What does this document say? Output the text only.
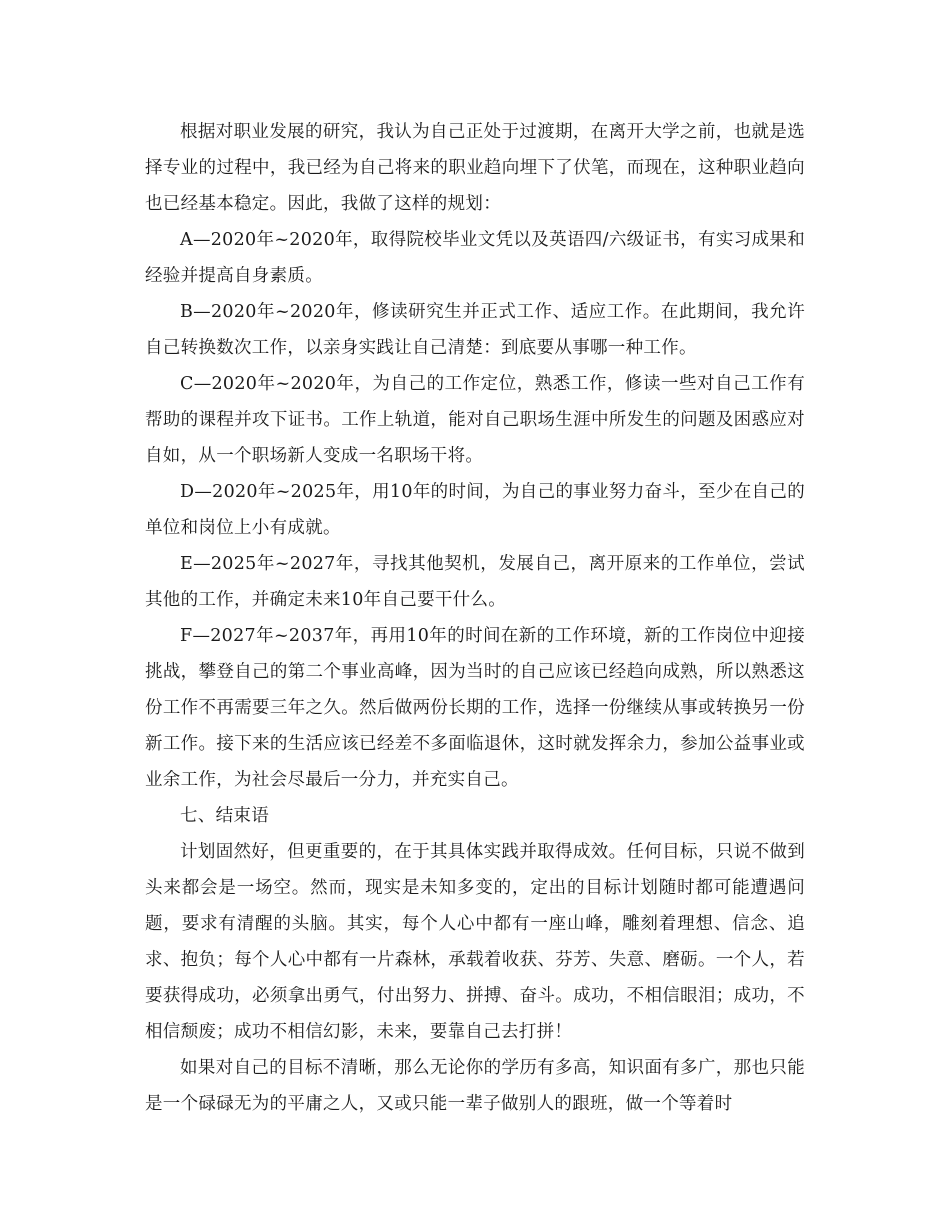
根据对职业发展的研究，我认为自己正处于过渡期，在离开大学之前，也就是选择专业的过程中，我已经为自己将来的职业趋向埋下了伏笔，而现在，这种职业趋向也已经基本稳定。因此，我做了这样的规划：

A—2020年~2020年，取得院校毕业文凭以及英语四/六级证书，有实习成果和经验并提高自身素质。

B—2020年~2020年，修读研究生并正式工作、适应工作。在此期间，我允许自己转换数次工作，以亲身实践让自己清楚：到底要从事哪一种工作。

C—2020年~2020年，为自己的工作定位，熟悉工作，修读一些对自己工作有帮助的课程并攻下证书。工作上轨道，能对自己职场生涯中所发生的问题及困惑应对自如，从一个职场新人变成一名职场干将。

D—2020年~2025年，用10年的时间，为自己的事业努力奋斗，至少在自己的单位和岗位上小有成就。

E—2025年~2027年，寻找其他契机，发展自己，离开原来的工作单位，尝试其他的工作，并确定未来10年自己要干什么。

F—2027年~2037年，再用10年的时间在新的工作环境，新的工作岗位中迎接挑战，攀登自己的第二个事业高峰，因为当时的自己应该已经趋向成熟，所以熟悉这份工作不再需要三年之久。然后做两份长期的工作，选择一份继续从事或转换另一份新工作。接下来的生活应该已经差不多面临退休，这时就发挥余力，参加公益事业或业余工作，为社会尽最后一分力，并充实自己。

七、结束语

计划固然好，但更重要的，在于其具体实践并取得成效。任何目标，只说不做到头来都会是一场空。然而，现实是未知多变的，定出的目标计划随时都可能遭遇问题，要求有清醒的头脑。其实，每个人心中都有一座山峰，雕刻着理想、信念、追求、抱负；每个人心中都有一片森林，承载着收获、芬芳、失意、磨砺。一个人，若要获得成功，必须拿出勇气，付出努力、拼搏、奋斗。成功，不相信眼泪；成功，不相信颓废；成功不相信幻影，未来，要靠自己去打拼！

如果对自己的目标不清晰，那么无论你的学历有多高，知识面有多广，那也只能是一个碌碌无为的平庸之人，又或只能一辈子做别人的跟班，做一个等着时
